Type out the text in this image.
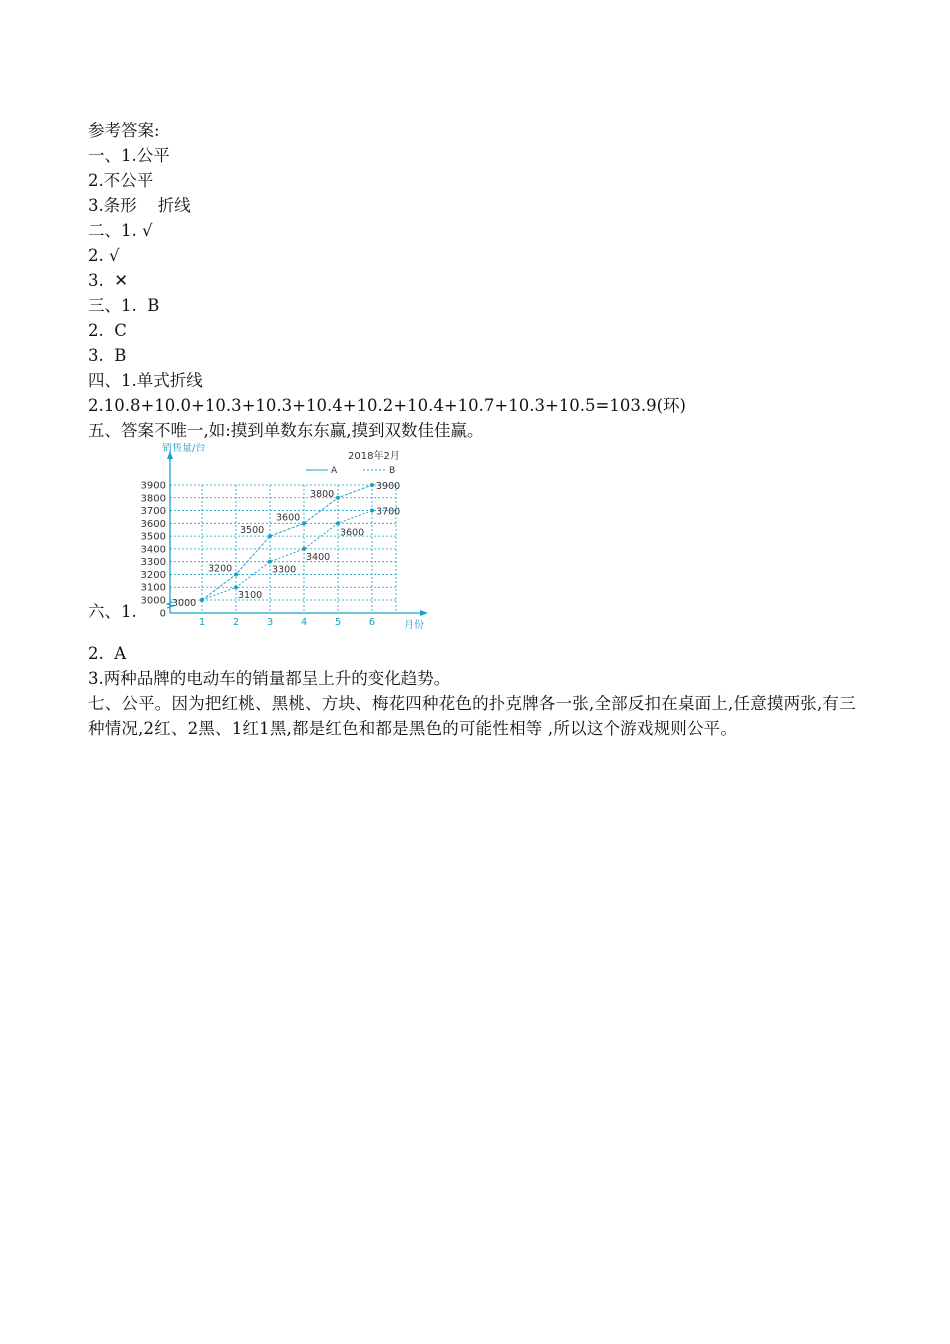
参考答案:
一、1.公平
2.不公平
3.条形    折线
二、1. √
2. √
3.  ✕
三、1.  B
2.  C
3.  B
四、1.单式折线
2.10.8+10.0+10.3+10.3+10.4+10.2+10.4+10.7+10.3+10.5=103.9(环)
五、答案不唯一,如:摸到单数东东赢,摸到双数佳佳赢。
六、1.
3900
3800
3700
3600
3500
3400
3300
3200
3100
3000
0
1	2	3	4	5	6
销售量/台
月份
2018年2月
A	B
3000
3200
3500
3600
3800
3900
3100
3300
3400
3600
3700
2.  A
3.两种品牌的电动车的销量都呈上升的变化趋势。
七、公平。因为把红桃、黑桃、方块、梅花四种花色的扑克牌各一张,全部反扣在桌面上,任意摸两张,有三种情况,2红、2黑、1红1黑,都是红色和都是黑色的可能性相等 ,所以这个游戏规则公平。
